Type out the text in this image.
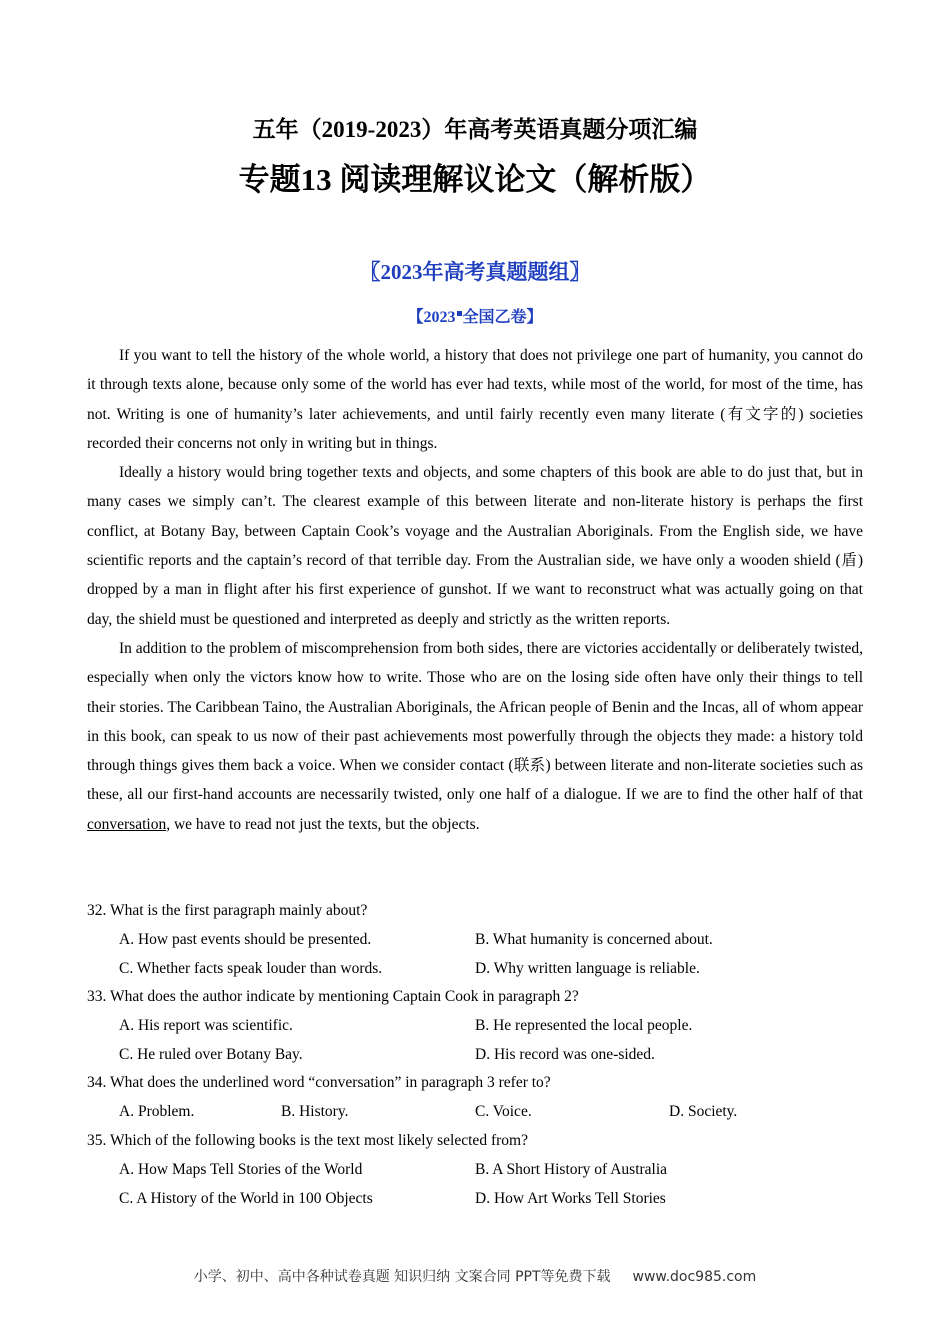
五年（2019-2023）年高考英语真题分项汇编
专题13 阅读理解议论文（解析版）
〖2023年高考真题题组〗
【2023 全国乙卷】

If you want to tell the history of the whole world, a history that does not privilege one part of humanity, you cannot do it through texts alone, because only some of the world has ever had texts, while most of the world, for most of the time, has not. Writing is one of humanity’s later achievements, and until fairly recently even many literate (有文字的) societies recorded their concerns not only in writing but in things.

Ideally a history would bring together texts and objects, and some chapters of this book are able to do just that, but in many cases we simply can’t. The clearest example of this between literate and non-literate history is perhaps the first conflict, at Botany Bay, between Captain Cook’s voyage and the Australian Aboriginals. From the English side, we have scientific reports and the captain’s record of that terrible day. From the Australian side, we have only a wooden shield (盾) dropped by a man in flight after his first experience of gunshot. If we want to reconstruct what was actually going on that day, the shield must be questioned and interpreted as deeply and strictly as the written reports.

In addition to the problem of miscomprehension from both sides, there are victories accidentally or deliberately twisted, especially when only the victors know how to write. Those who are on the losing side often have only their things to tell their stories. The Caribbean Taino, the Australian Aboriginals, the African people of Benin and the Incas, all of whom appear in this book, can speak to us now of their past achievements most powerfully through the objects they made: a history told through things gives them back a voice. When we consider contact (联系) between literate and non-literate societies such as these, all our first-hand accounts are necessarily twisted, only one half of a dialogue. If we are to find the other half of that conversation, we have to read not just the texts, but the objects.

32. What is the first paragraph mainly about?
A. How past events should be presented.	B. What humanity is concerned about.
C. Whether facts speak louder than words.	D. Why written language is reliable.
33. What does the author indicate by mentioning Captain Cook in paragraph 2?
A. His report was scientific.	B. He represented the local people.
C. He ruled over Botany Bay.	D. His record was one-sided.
34. What does the underlined word “conversation” in paragraph 3 refer to?
A. Problem.	B. History.	C. Voice.	D. Society.
35. Which of the following books is the text most likely selected from?
A. How Maps Tell Stories of the World	B. A Short History of Australia
C. A History of the World in 100 Objects	D. How Art Works Tell Stories
小学、初中、高中各种试卷真题 知识归纳 文案合同 PPT等免费下载 www.doc985.com
